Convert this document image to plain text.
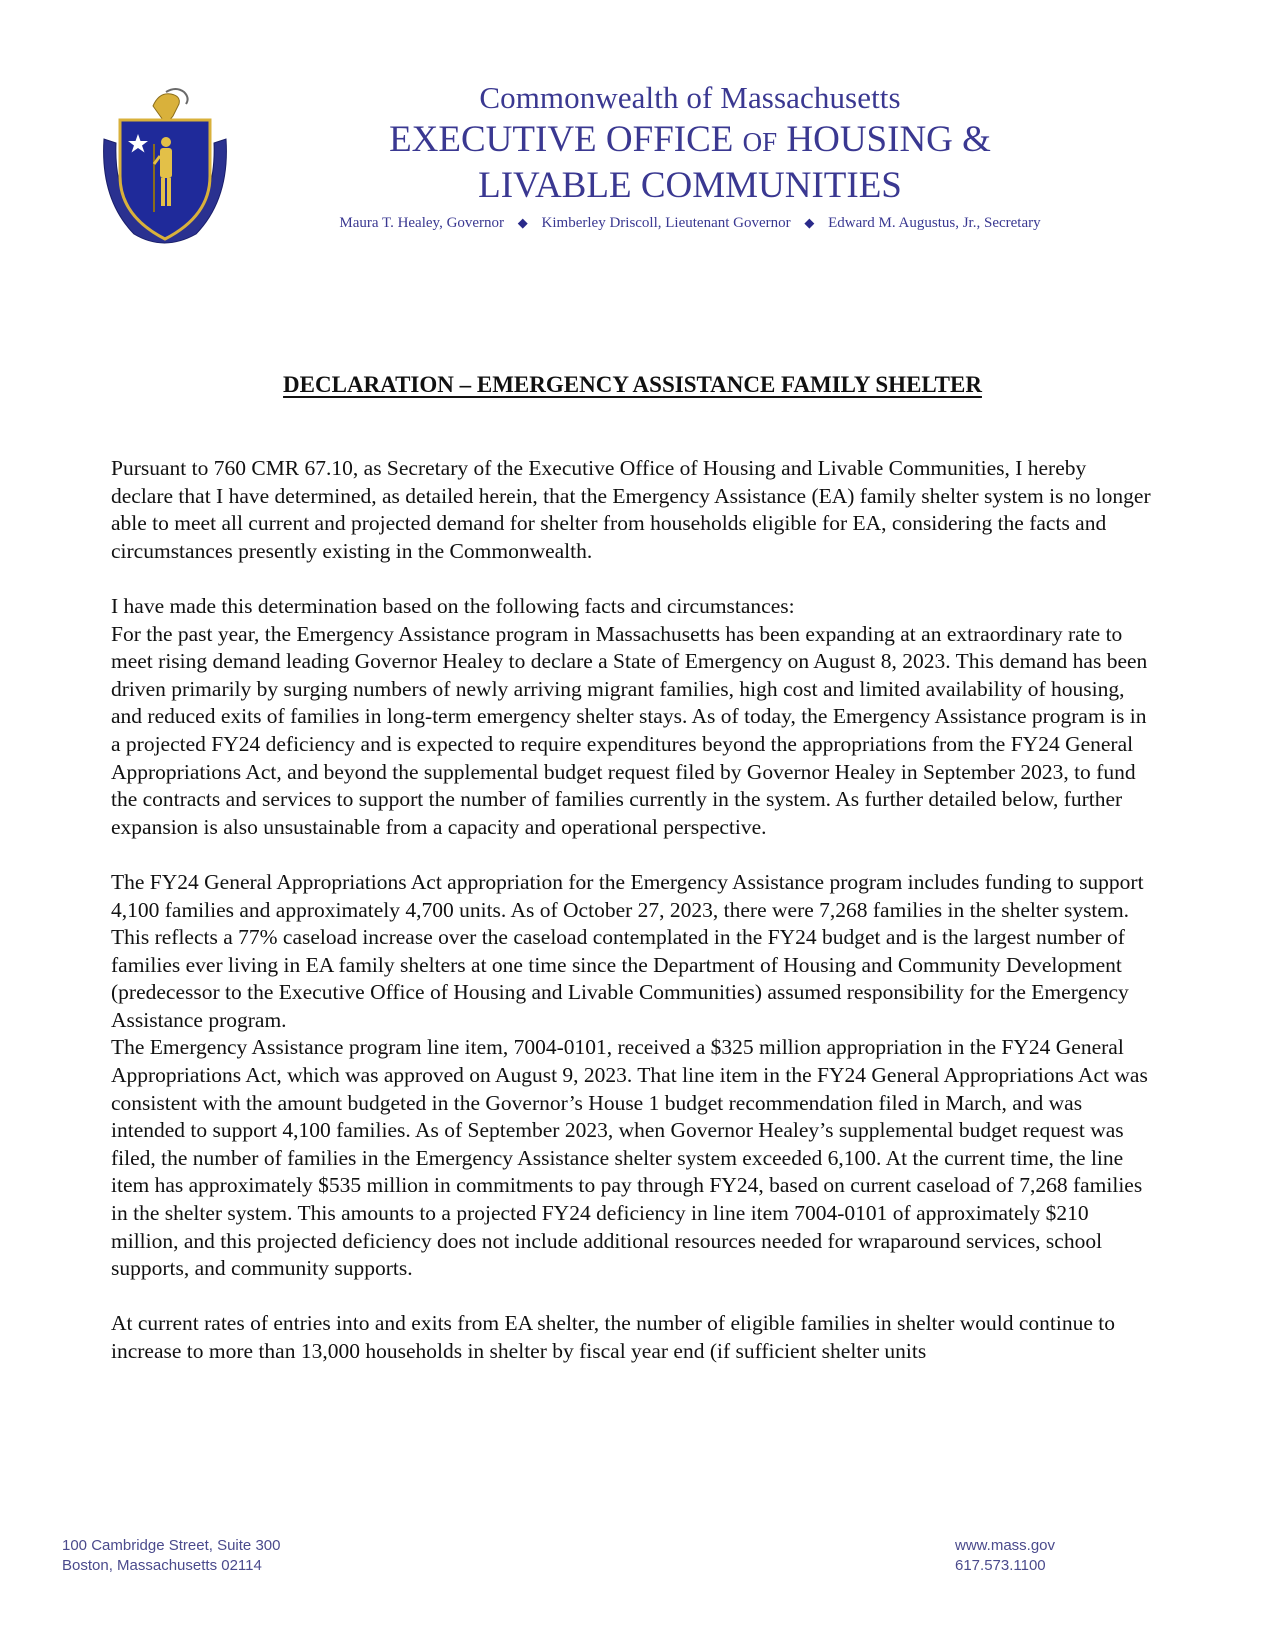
Commonwealth of Massachusetts
EXECUTIVE OFFICE OF HOUSING &
LIVABLE COMMUNITIES
Maura T. Healey, Governor ◆ Kimberley Driscoll, Lieutenant Governor ◆ Edward M. Augustus, Jr., Secretary
DECLARATION – EMERGENCY ASSISTANCE FAMILY SHELTER

Pursuant to 760 CMR 67.10, as Secretary of the Executive Office of Housing and Livable Communities, I hereby declare that I have determined, as detailed herein, that the Emergency Assistance (EA) family shelter system is no longer able to meet all current and projected demand for shelter from households eligible for EA, considering the facts and circumstances presently existing in the Commonwealth.

I have made this determination based on the following facts and circumstances:

For the past year, the Emergency Assistance program in Massachusetts has been expanding at an extraordinary rate to meet rising demand leading Governor Healey to declare a State of Emergency on August 8, 2023. This demand has been driven primarily by surging numbers of newly arriving migrant families, high cost and limited availability of housing, and reduced exits of families in long-term emergency shelter stays. As of today, the Emergency Assistance program is in a projected FY24 deficiency and is expected to require expenditures beyond the appropriations from the FY24 General Appropriations Act, and beyond the supplemental budget request filed by Governor Healey in September 2023, to fund the contracts and services to support the number of families currently in the system. As further detailed below, further expansion is also unsustainable from a capacity and operational perspective.

The FY24 General Appropriations Act appropriation for the Emergency Assistance program includes funding to support 4,100 families and approximately 4,700 units. As of October 27, 2023, there were 7,268 families in the shelter system. This reflects a 77% caseload increase over the caseload contemplated in the FY24 budget and is the largest number of families ever living in EA family shelters at one time since the Department of Housing and Community Development (predecessor to the Executive Office of Housing and Livable Communities) assumed responsibility for the Emergency Assistance program.

The Emergency Assistance program line item, 7004-0101, received a $325 million appropriation in the FY24 General Appropriations Act, which was approved on August 9, 2023. That line item in the FY24 General Appropriations Act was consistent with the amount budgeted in the Governor’s House 1 budget recommendation filed in March, and was intended to support 4,100 families. As of September 2023, when Governor Healey’s supplemental budget request was filed, the number of families in the Emergency Assistance shelter system exceeded 6,100. At the current time, the line item has approximately $535 million in commitments to pay through FY24, based on current caseload of 7,268 families in the shelter system. This amounts to a projected FY24 deficiency in line item 7004-0101 of approximately $210 million, and this projected deficiency does not include additional resources needed for wraparound services, school supports, and community supports.

At current rates of entries into and exits from EA shelter, the number of eligible families in shelter would continue to increase to more than 13,000 households in shelter by fiscal year end (if sufficient shelter units

100 Cambridge Street, Suite 300
Boston, Massachusetts 02114
www.mass.gov
617.573.1100
